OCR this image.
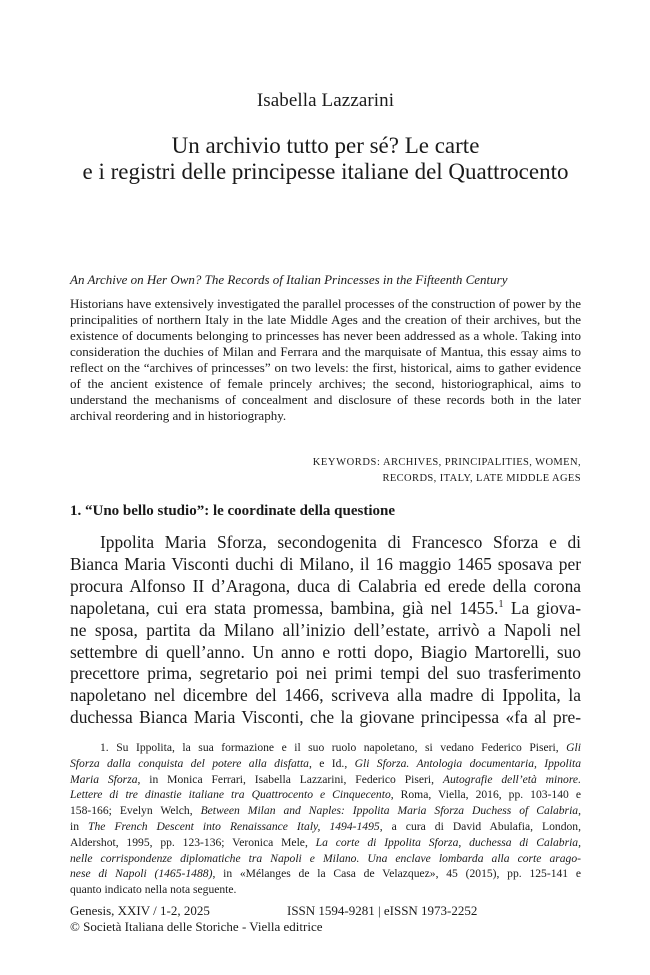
Isabella Lazzarini
Un archivio tutto per sé? Le carte
e i registri delle principesse italiane del Quattrocento
An Archive on Her Own? The Records of Italian Princesses in the Fifteenth Century
Historians have extensively investigated the parallel processes of the construction of power by the principalities of northern Italy in the late Middle Ages and the creation of their archives, but the existence of documents belonging to princesses has never been addressed as a whole. Taking into consideration the duchies of Milan and Ferrara and the marquisate of Mantua, this essay aims to reflect on the “archives of princesses” on two levels: the first, historical, aims to gather evidence of the ancient existence of female princely archives; the second, historiographical, aims to understand the mechanisms of concealment and disclosure of these records both in the later archival reordering and in historiography.
KEYWORDS: ARCHIVES, PRINCIPALITIES, WOMEN,
RECORDS, ITALY, LATE MIDDLE AGES
1. “Uno bello studio”: le coordinate della questione
Ippolita Maria Sforza, secondogenita di Francesco Sforza e di
Bianca Maria Visconti duchi di Milano, il 16 maggio 1465 sposava per
procura Alfonso II d’Aragona, duca di Calabria ed erede della corona
napoletana, cui era stata promessa, bambina, già nel 1455.$^1$ La giova-
ne sposa, partita da Milano all’inizio dell’estate, arrivò a Napoli nel
settembre di quell’anno. Un anno e rotti dopo, Biagio Martorelli, suo
precettore prima, segretario poi nei primi tempi del suo trasferimento
napoletano nel dicembre del 1466, scriveva alla madre di Ippolita, la
duchessa Bianca Maria Visconti, che la giovane principessa «fa al pre-
1. Su Ippolita, la sua formazione e il suo ruolo napoletano, si vedano Federico Piseri, Gli
Sforza dalla conquista del potere alla disfatta, e Id., Gli Sforza. Antologia documentaria, Ippolita
Maria Sforza, in Monica Ferrari, Isabella Lazzarini, Federico Piseri, Autografie dell’età minore.
Lettere di tre dinastie italiane tra Quattrocento e Cinquecento, Roma, Viella, 2016, pp. 103-140 e
158-166; Evelyn Welch, Between Milan and Naples: Ippolita Maria Sforza Duchess of Calabria,
in The French Descent into Renaissance Italy, 1494-1495, a cura di David Abulafia, London,
Aldershot, 1995, pp. 123-136; Veronica Mele, La corte di Ippolita Sforza, duchessa di Calabria,
nelle corrispondenze diplomatiche tra Napoli e Milano. Una enclave lombarda alla corte arago-
nese di Napoli (1465-1488), in «Mélanges de la Casa de Velazquez», 45 (2015), pp. 125-141 e
quanto indicato nella nota seguente.
Genesis, XXIV / 1-2, 2025	ISSN 1594-9281 | eISSN 1973-2252
© Società Italiana delle Storiche - Viella editrice
